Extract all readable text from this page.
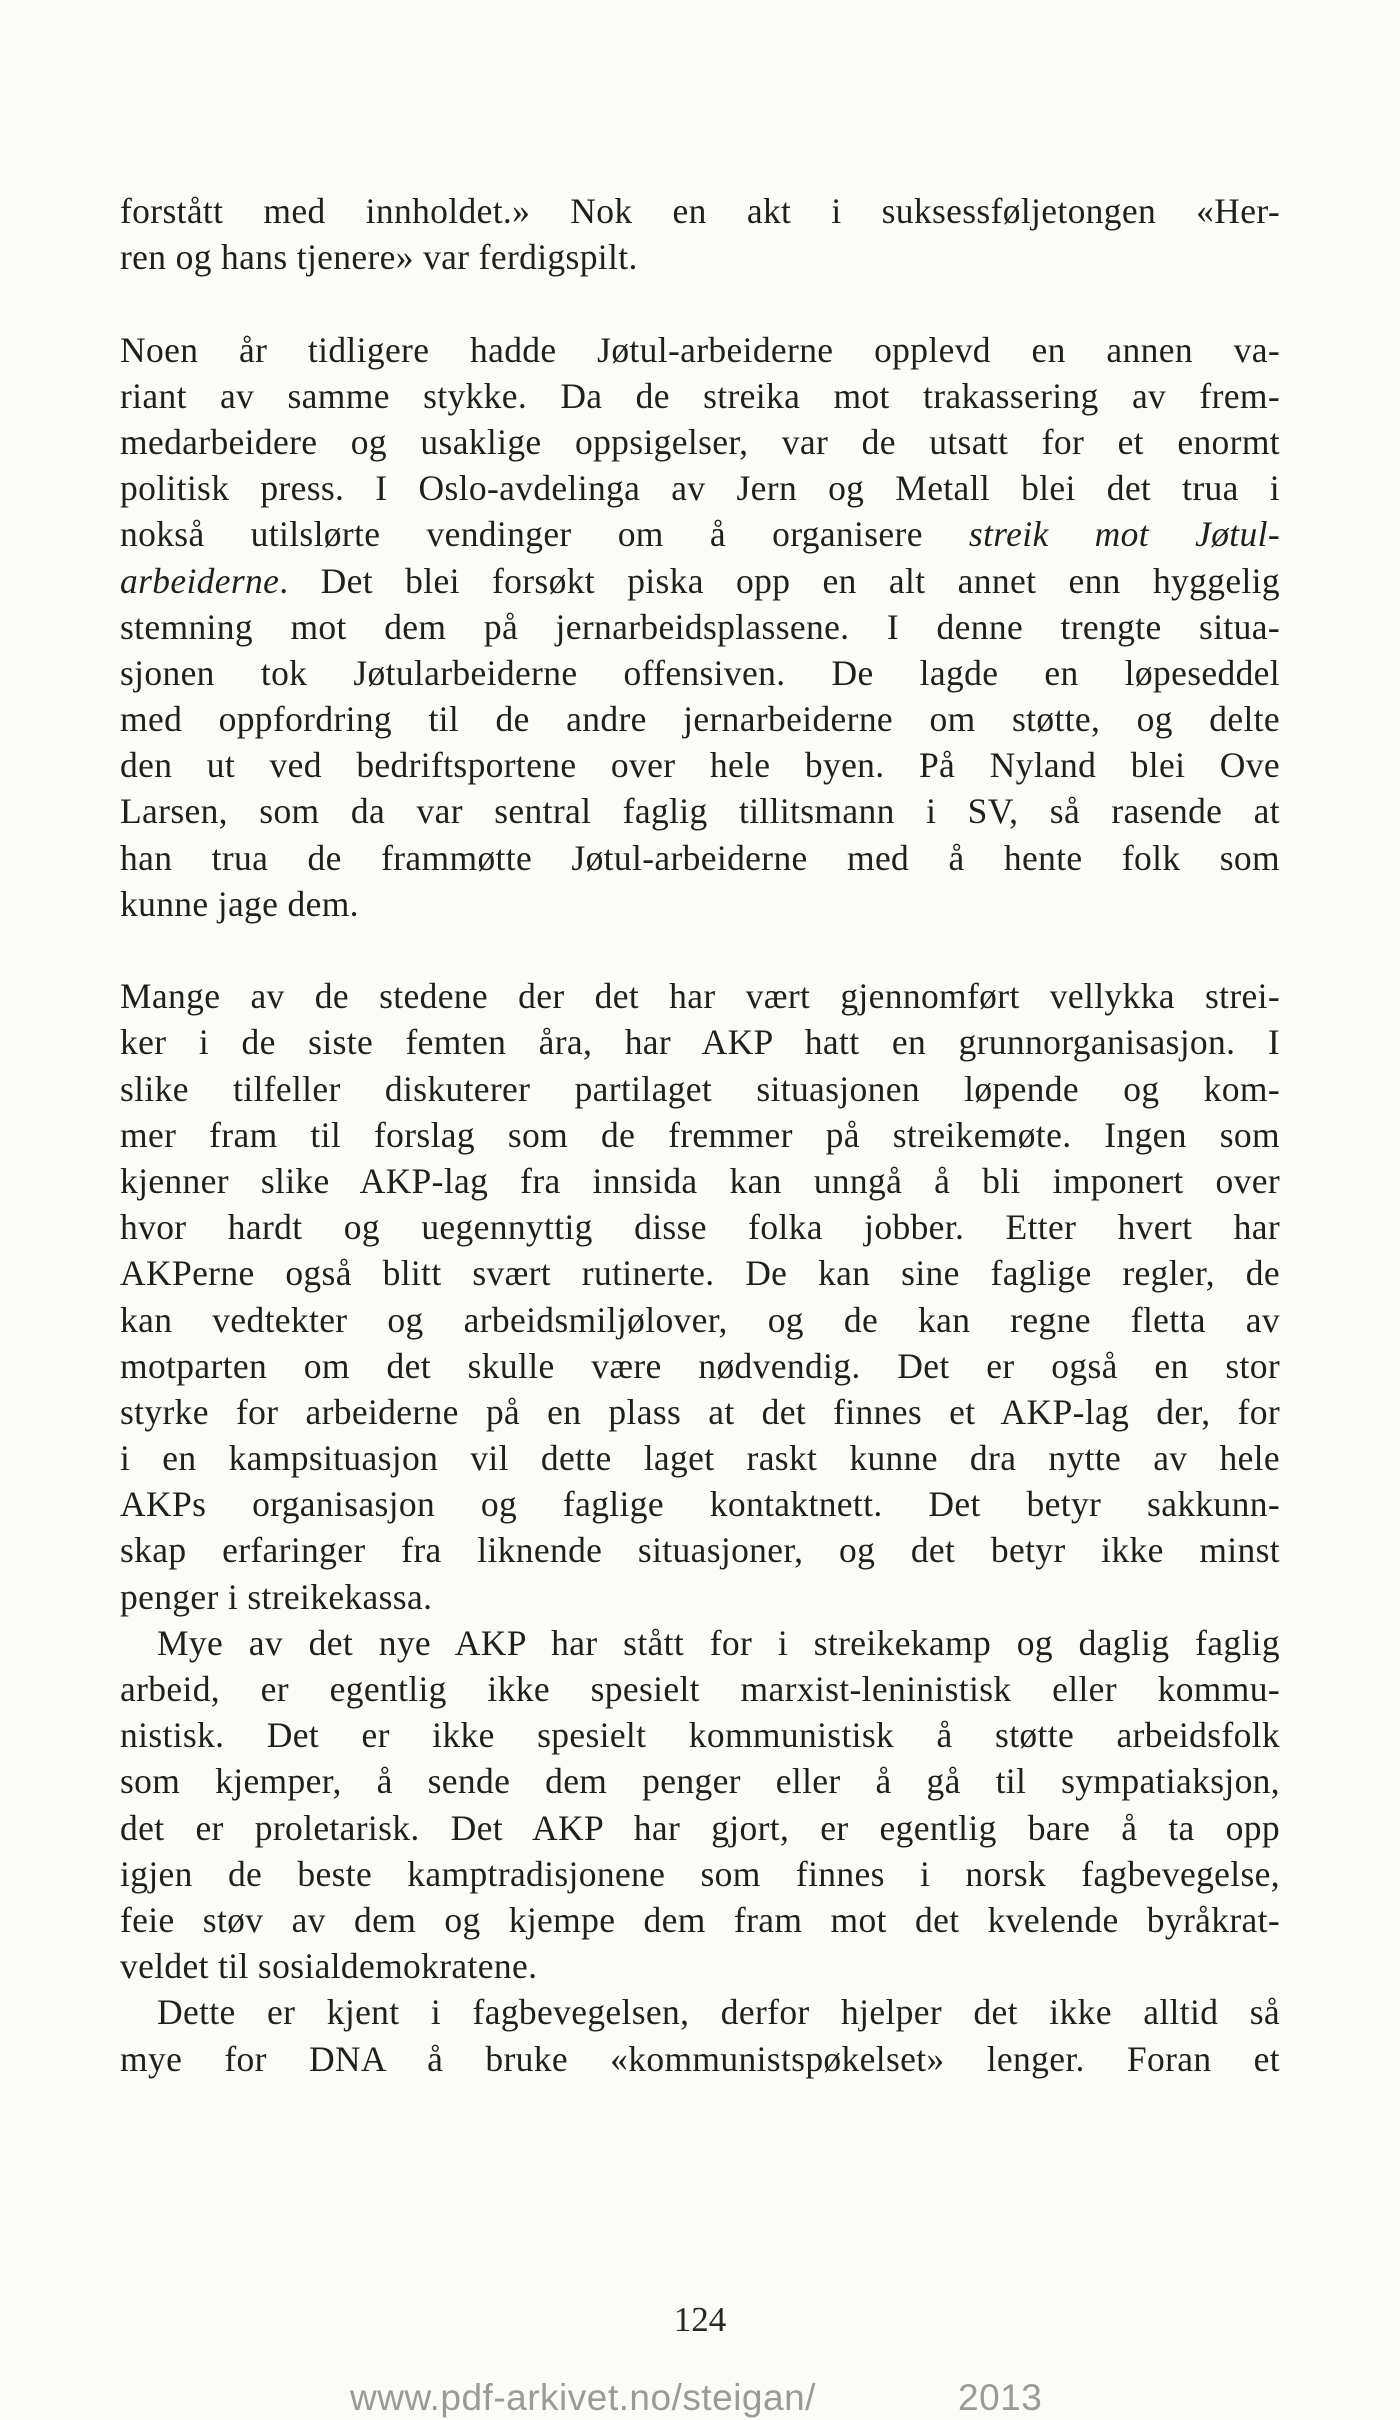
forstått med innholdet.» Nok en akt i suksessføljetongen «Her-
ren og hans tjenere» var ferdigspilt.
Noen år tidligere hadde Jøtul-arbeiderne opplevd en annen va-
riant av samme stykke. Da de streika mot trakassering av frem-
medarbeidere og usaklige oppsigelser, var de utsatt for et enormt
politisk press. I Oslo-avdelinga av Jern og Metall blei det trua i
nokså utilslørte vendinger om å organisere streik mot Jøtul-
arbeiderne. Det blei forsøkt piska opp en alt annet enn hyggelig
stemning mot dem på jernarbeidsplassene. I denne trengte situa-
sjonen tok Jøtularbeiderne offensiven. De lagde en løpeseddel
med oppfordring til de andre jernarbeiderne om støtte, og delte
den ut ved bedriftsportene over hele byen. På Nyland blei Ove
Larsen, som da var sentral faglig tillitsmann i SV, så rasende at
han trua de frammøtte Jøtul-arbeiderne med å hente folk som
kunne jage dem.
Mange av de stedene der det har vært gjennomført vellykka strei-
ker i de siste femten åra, har AKP hatt en grunnorganisasjon. I
slike tilfeller diskuterer partilaget situasjonen løpende og kom-
mer fram til forslag som de fremmer på streikemøte. Ingen som
kjenner slike AKP-lag fra innsida kan unngå å bli imponert over
hvor hardt og uegennyttig disse folka jobber. Etter hvert har
AKPerne også blitt svært rutinerte. De kan sine faglige regler, de
kan vedtekter og arbeidsmiljølover, og de kan regne fletta av
motparten om det skulle være nødvendig. Det er også en stor
styrke for arbeiderne på en plass at det finnes et AKP-lag der, for
i en kampsituasjon vil dette laget raskt kunne dra nytte av hele
AKPs organisasjon og faglige kontaktnett. Det betyr sakkunn-
skap erfaringer fra liknende situasjoner, og det betyr ikke minst
penger i streikekassa.
Mye av det nye AKP har stått for i streikekamp og daglig faglig
arbeid, er egentlig ikke spesielt marxist-leninistisk eller kommu-
nistisk. Det er ikke spesielt kommunistisk å støtte arbeidsfolk
som kjemper, å sende dem penger eller å gå til sympatiaksjon,
det er proletarisk. Det AKP har gjort, er egentlig bare å ta opp
igjen de beste kamptradisjonene som finnes i norsk fagbevegelse,
feie støv av dem og kjempe dem fram mot det kvelende byråkrat-
veldet til sosialdemokratene.
Dette er kjent i fagbevegelsen, derfor hjelper det ikke alltid så
mye for DNA å bruke «kommunistspøkelset» lenger. Foran et
124
www.pdf-arkivet.no/steigan/	2013
